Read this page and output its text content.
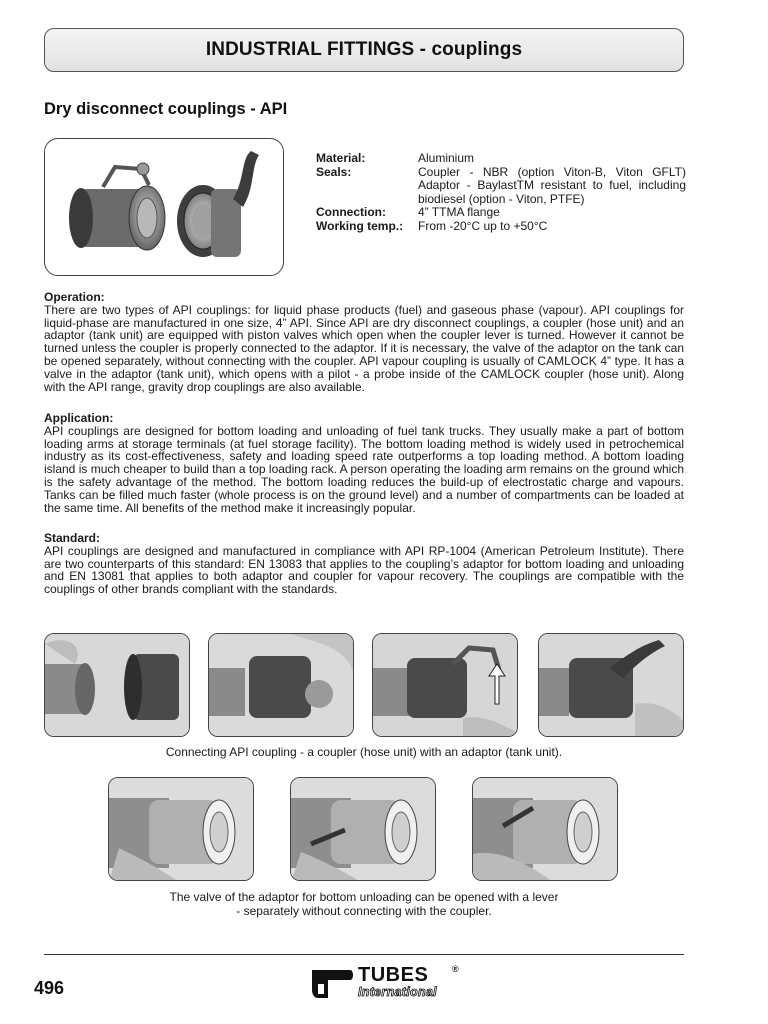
INDUSTRIAL FITTINGS - couplings
Dry disconnect couplings - API
Material:	Aluminium
Seals:	Coupler - NBR (option Viton-B, Viton GFLT) Adaptor - BaylastTM resistant to fuel, including biodiesel (option - Viton, PTFE)
Connection:	4” TTMA flange
Working temp.:	From -20°C up to +50°C
Operation:
There are two types of API couplings: for liquid phase products (fuel) and gaseous phase (vapour). API couplings for liquid-phase are manufactured in one size, 4” API. Since API are dry disconnect couplings, a coupler (hose unit) and an adaptor (tank unit) are equipped with piston valves which open when the coupler lever is turned. However it cannot be turned unless the coupler is properly connected to the adaptor. If it is necessary, the valve of the adaptor on the tank can be opened separately, without connecting with the coupler. API vapour coupling is usually of CAMLOCK 4” type. It has a valve in the adaptor (tank unit), which opens with a pilot - a probe inside of the CAMLOCK coupler (hose unit). Along with the API range, gravity drop couplings are also available.
Application:
API couplings are designed for bottom loading and unloading of fuel tank trucks. They usually make a part of bottom loading arms at storage terminals (at fuel storage facility). The bottom loading method is widely used in petrochemical industry as its cost-effectiveness, safety and loading speed rate outperforms a top loading method. A bottom loading island is much cheaper to build than a top loading rack. A person operating the loading arm remains on the ground which is the safety advantage of the method. The bottom loading reduces the build-up of electrostatic charge and vapours. Tanks can be filled much faster (whole process is on the ground level) and a number of compartments can be loaded at the same time. All benefits of the method make it increasingly popular.
Standard:
API couplings are designed and manufactured in compliance with API RP-1004 (American Petroleum Institute). There are two counterparts of this standard: EN 13083 that applies to the coupling’s adaptor for bottom loading and unloading and EN 13081 that applies to both adaptor and coupler for vapour recovery. The couplings are compatible with the couplings of other brands compliant with the standards.
Connecting API coupling - a coupler (hose unit) with an adaptor (tank unit).
The valve of the adaptor for bottom unloading can be opened with a lever
- separately without connecting with the coupler.
496
TUBES	®
International
